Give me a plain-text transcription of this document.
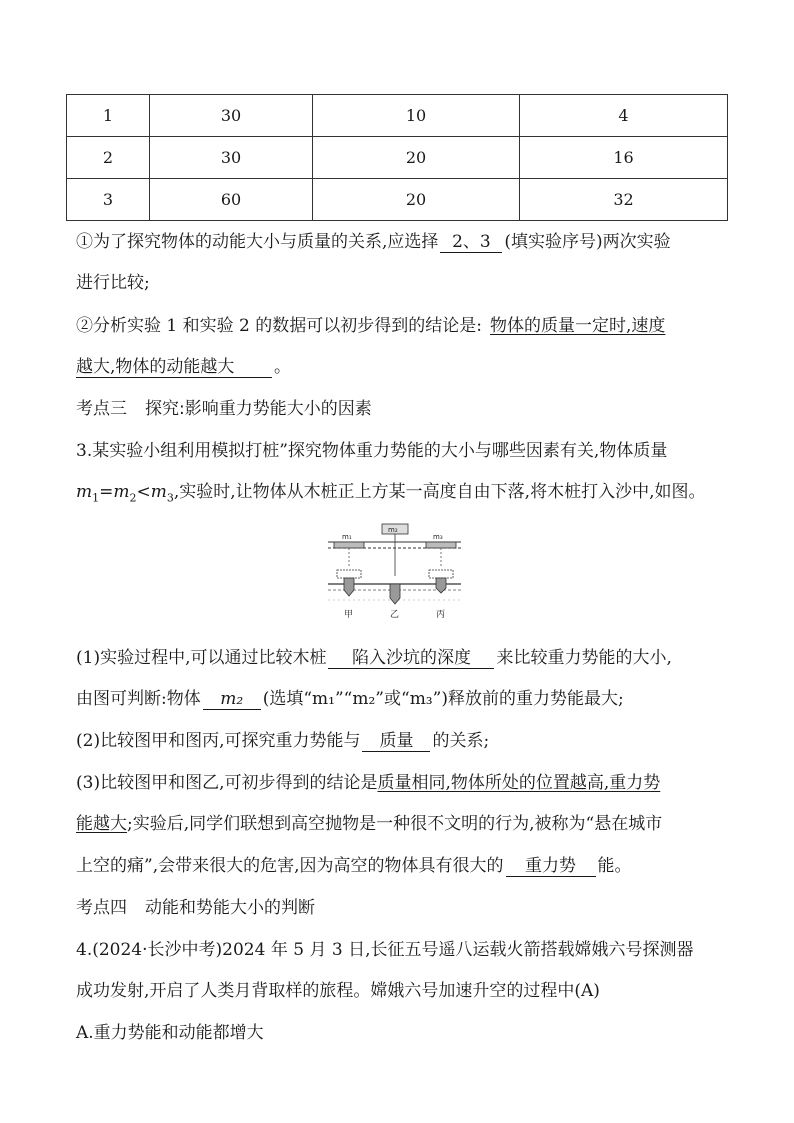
1	30	10	4
2	30	20	16
3	60	20	32
①为了探究物体的动能大小与质量的关系,应选择 2、3 (填实验序号)两次实验
进行比较;
②分析实验 1 和实验 2 的数据可以初步得到的结论是: 物体的质量一定时,速度
越大,物体的动能越大 。
考点三 探究:影响重力势能大小的因素
3.某实验小组利用模拟打桩”探究物体重力势能的大小与哪些因素有关,物体质量
$m_1=m_2<m_3$,实验时,让物体从木桩正上方某一高度自由下落,将木桩打入沙中,如图。
m₁
m₂
m₃
甲	乙	丙
(1)实验过程中,可以通过比较木桩 陷入沙坑的深度 来比较重力势能的大小,
由图可判断:物体 m₂ (选填“m₁”“m₂”或“m₃”)释放前的重力势能最大;
(2)比较图甲和图丙,可探究重力势能与 质量 的关系;
(3)比较图甲和图乙,可初步得到的结论是质量相同,物体所处的位置越高,重力势
能越大;实验后,同学们联想到高空抛物是一种很不文明的行为,被称为“悬在城市
上空的痛”,会带来很大的危害,因为高空的物体具有很大的 重力势 能。
考点四 动能和势能大小的判断
4.(2024·长沙中考)2024 年 5 月 3 日,长征五号遥八运载火箭搭载嫦娥六号探测器
成功发射,开启了人类月背取样的旅程。嫦娥六号加速升空的过程中(A)
A.重力势能和动能都增大
